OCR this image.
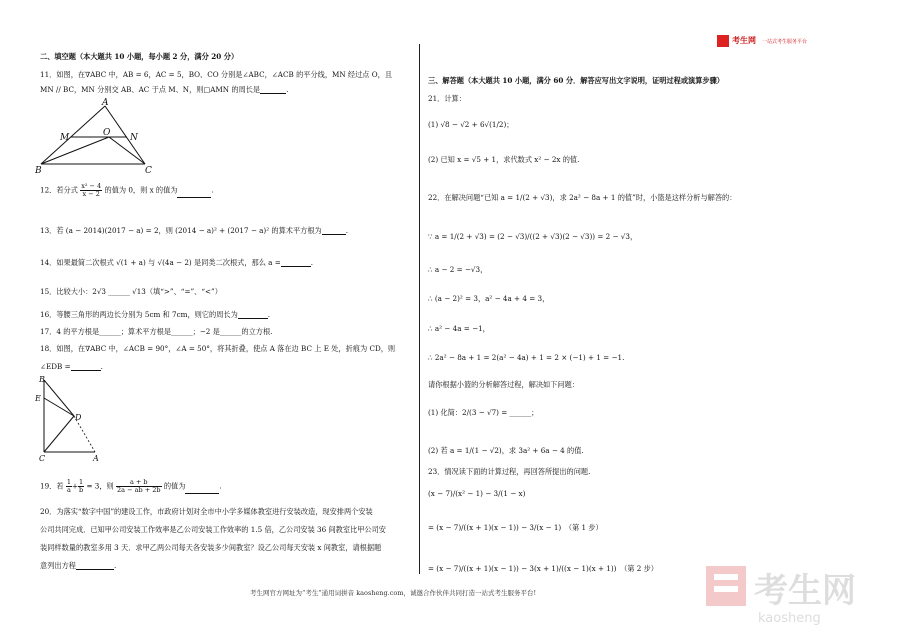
考生网 一站式考生服务平台
二、填空题（本大题共 10 小题，每小题 2 分，满分 20 分）
11．如图，在∇ABC 中，AB = 6，AC = 5，BO、CO 分别是∠ABC，∠ACB 的平分线，MN 经过点 O，且
MN // BC，MN 分别交 AB、AC 于点 M、N，则□AMN 的周长是	.
A
M	O N
B	C
12．若分式 $\frac{\text{x² − 4}}{x - 2}$ 的值为 0，则 x 的值为	.
13．若 (a − 2014)(2017 − a) = 2，则 (2014 − a)² + (2017 − a)² 的算术平方根为	.
14．如果最简二次根式 √(1 + a) 与 √(4a − 2) 是同类二次根式，那么 a =	.
15．比较大小：2√3 ______ √13（填“>”、“=”、“<”）
16．等腰三角形的两边长分别为 5cm 和 7cm，则它的周长为	.
17．4 的平方根是______；算术平方根是______；−2 是______的立方根.
18．如图，在∇ABC 中，∠ACB = 90°，∠A = 50°，将其折叠，使点 A 落在边 BC 上 E 处，折痕为 CD，则
∠EDB =	.
B
E
D
C	A
19．若 $\frac{1}{a} + \frac{1}{b} = 3$，则 $\frac{a + b}{2a - ab + 2b}$ 的值为	.
20．为落实“数字中国”的建设工作，市政府计划对全市中小学多媒体教室进行安装改造，现安排两个安装
公司共同完成．已知甲公司安装工作效率是乙公司安装工作效率的 1.5 倍，乙公司安装 36 间教室比甲公司安
装同样数量的教室多用 3 天．求甲乙两公司每天各安装多少间教室？设乙公司每天安装 x 间教室，请根据题
意列出方程	.
三、解答题（本大题共 10 小题，满分 60 分．解答应写出文字说明，证明过程或演算步骤）
21．计算：
(1) √8 − √2 + 6√(1/2)；
(2) 已知 x = √5 + 1，求代数式 x² − 2x 的值.
22．在解决问题“已知 a = 1/(2 + √3)，求 2a² − 8a + 1 的值”时，小篮是这样分析与解答的：
∵ a = 1/(2 + √3) = (2 − √3)/((2 + √3)(2 − √3)) = 2 − √3，
∴ a − 2 = −√3，
∴ (a − 2)² = 3，a² − 4a + 4 = 3，
∴ a² − 4a = −1，
∴ 2a² − 8a + 1 = 2(a² − 4a) + 1 = 2 × (−1) + 1 = −1.
请你根据小篮的分析解答过程，解决如下问题：
(1) 化简：2/(3 − √7) = ______；
(2) 若 a = 1/(1 − √2)，求 3a² + 6a − 4 的值.
23．情况读下面的计算过程，再回答所提出的问题.
(x − 7)/(x² − 1) − 3/(1 − x)
= (x − 7)/((x + 1)(x − 1)) − 3/(x − 1)　（第 1 步）
= (x − 7)/((x + 1)(x − 1)) − 3(x + 1)/((x − 1)(x + 1))　（第 2 步）
考生网
kaosheng
考生网官方网址为“考生”通用词拼音 kaosheng.com，诚邀合作伙伴共同打造一站式考生服务平台!
